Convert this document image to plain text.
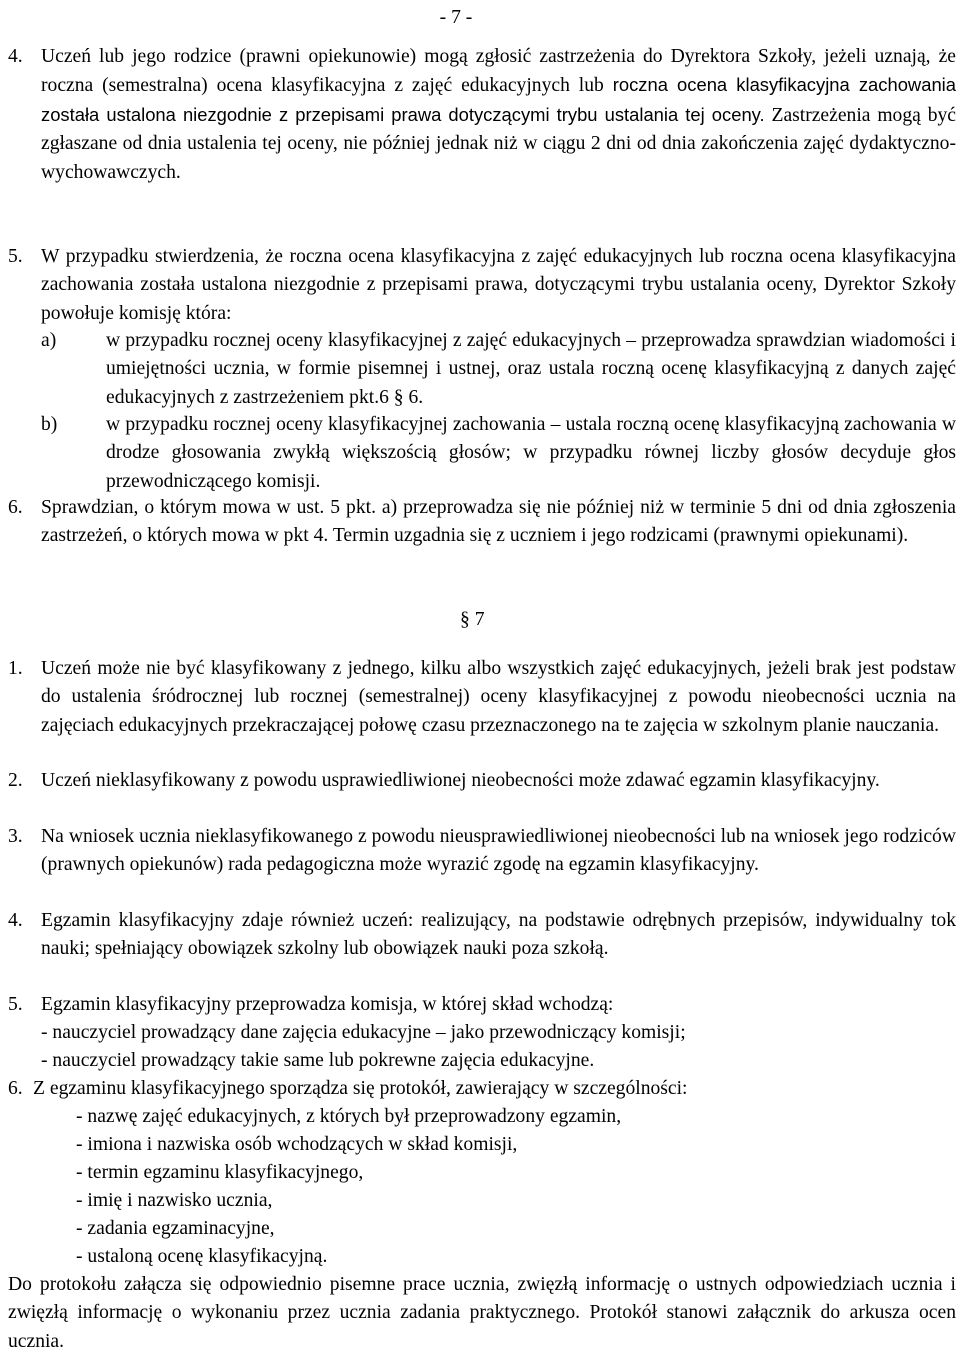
- 7 -
4. Uczeń lub jego rodzice (prawni opiekunowie) mogą zgłosić zastrzeżenia do Dyrektora Szkoły, jeżeli uznają, że roczna (semestralna) ocena klasyfikacyjna z zajęć edukacyjnych lub roczna ocena klasyfikacyjna zachowania została ustalona niezgodnie z przepisami prawa dotyczącymi trybu ustalania tej oceny. Zastrzeżenia mogą być zgłaszane od dnia ustalenia tej oceny, nie później jednak niż w ciągu 2 dni od dnia zakończenia zajęć dydaktyczno-wychowawczych.
5. W przypadku stwierdzenia, że roczna ocena klasyfikacyjna z zajęć edukacyjnych lub roczna ocena klasyfikacyjna zachowania została ustalona niezgodnie z przepisami prawa, dotyczącymi trybu ustalania oceny, Dyrektor Szkoły powołuje komisję która:
a)	w przypadku rocznej oceny klasyfikacyjnej z zajęć edukacyjnych – przeprowadza sprawdzian wiadomości i umiejętności ucznia, w formie pisemnej i ustnej, oraz ustala roczną ocenę klasyfikacyjną z danych zajęć edukacyjnych z zastrzeżeniem pkt.6 § 6.
b) w przypadku rocznej oceny klasyfikacyjnej zachowania – ustala roczną ocenę klasyfikacyjną zachowania w drodze głosowania zwykłą większością głosów; w przypadku równej liczby głosów decyduje głos przewodniczącego komisji.
6. Sprawdzian, o którym mowa w ust. 5 pkt. a) przeprowadza się nie później niż w terminie 5 dni od dnia zgłoszenia zastrzeżeń, o których mowa w pkt 4. Termin uzgadnia się z uczniem i jego rodzicami (prawnymi opiekunami).
§ 7
1. Uczeń może nie być klasyfikowany z jednego, kilku albo wszystkich zajęć edukacyjnych, jeżeli brak jest podstaw do ustalenia śródrocznej lub rocznej (semestralnej) oceny klasyfikacyjnej z powodu nieobecności ucznia na zajęciach edukacyjnych przekraczającej połowę czasu przeznaczonego na te zajęcia w szkolnym planie nauczania.
2. Uczeń nieklasyfikowany z powodu usprawiedliwionej nieobecności może zdawać egzamin klasyfikacyjny.
3. Na wniosek ucznia nieklasyfikowanego z powodu nieusprawiedliwionej nieobecności lub na wniosek jego rodziców (prawnych opiekunów) rada pedagogiczna może wyrazić zgodę na egzamin klasyfikacyjny.
4. Egzamin klasyfikacyjny zdaje również uczeń: realizujący, na podstawie odrębnych przepisów, indywidualny tok nauki; spełniający obowiązek szkolny lub obowiązek nauki poza szkołą.
5. Egzamin klasyfikacyjny przeprowadza komisja, w której skład wchodzą:
- nauczyciel prowadzący dane zajęcia edukacyjne – jako przewodniczący komisji;
- nauczyciel prowadzący takie same lub pokrewne zajęcia edukacyjne.
6. Z egzaminu klasyfikacyjnego sporządza się protokół, zawierający w szczególności:
- nazwę zajęć edukacyjnych, z których był przeprowadzony egzamin,
- imiona i nazwiska osób wchodzących w skład komisji,
- termin egzaminu klasyfikacyjnego,
- imię i nazwisko ucznia,
- zadania egzaminacyjne,
- ustaloną ocenę klasyfikacyjną.
Do protokołu załącza się odpowiednio pisemne prace ucznia, zwięzłą informację o ustnych odpowiedziach ucznia i zwięzłą informację o wykonaniu przez ucznia zadania praktycznego. Protokół stanowi załącznik do arkusza ocen ucznia.
